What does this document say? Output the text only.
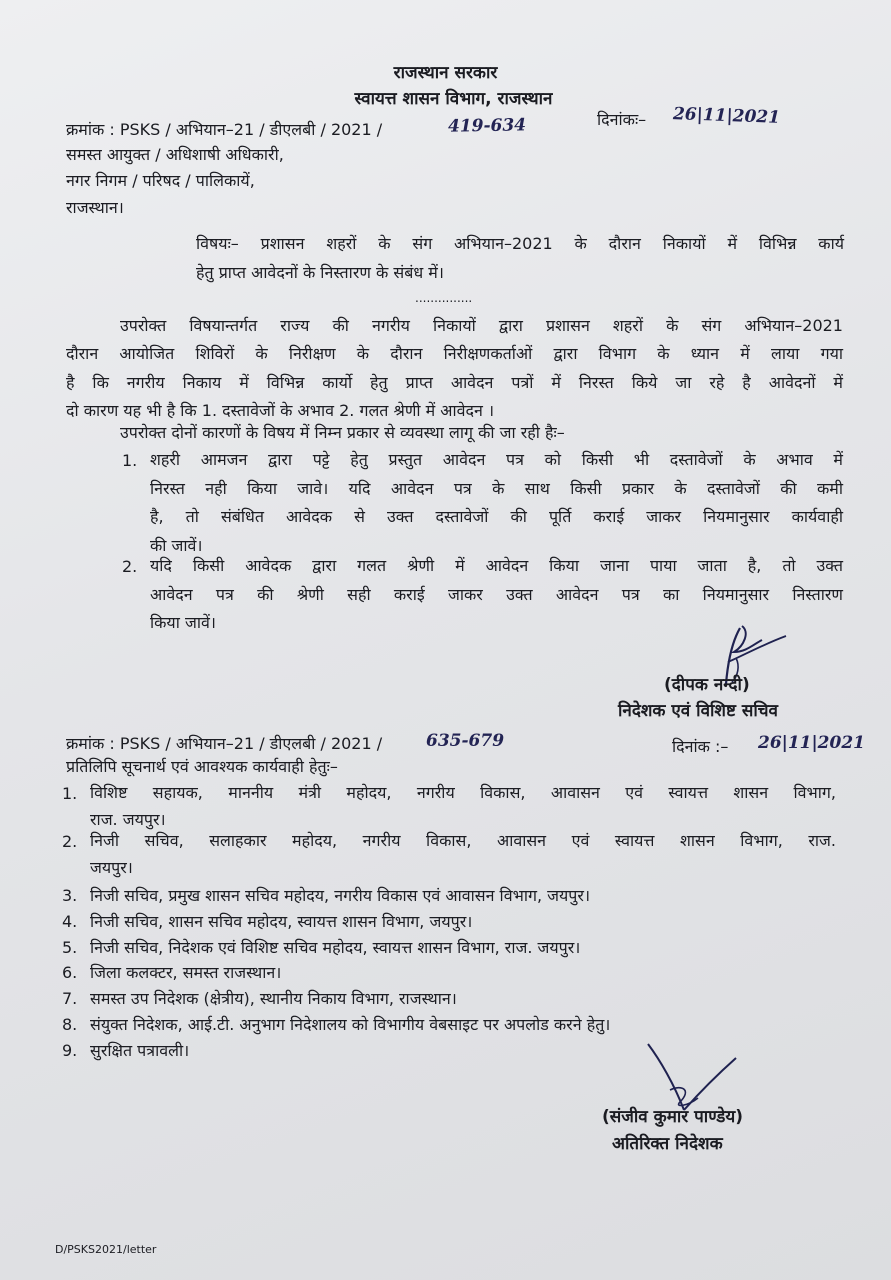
राजस्थान सरकार
स्वायत्त शासन विभाग, राजस्थान
क्रमांक : PSKS / अभियान–21 / डीएलबी / 2021 /	419-634	दिनांकः– 26|11|2021
समस्त आयुक्त / अधिशाषी अधिकारी,
नगर निगम / परिषद / पालिकायें,
राजस्थान।
विषयः– प्रशासन शहरों के संग अभियान–2021 के दौरान निकायों में विभिन्न कार्य
हेतु प्राप्त आवेदनों के निस्तारण के संबंध में।
...............
उपरोक्त विषयान्तर्गत राज्य की नगरीय निकायों द्वारा प्रशासन शहरों के संग अभियान–2021
दौरान आयोजित शिविरों के निरीक्षण के दौरान निरीक्षणकर्ताओं द्वारा विभाग के ध्यान में लाया गया
है कि नगरीय निकाय में विभिन्न कार्यो हेतु प्राप्त आवेदन पत्रों में निरस्त किये जा रहे है आवेदनों में
दो कारण यह भी है कि 1. दस्तावेजों के अभाव 2. गलत श्रेणी में आवेदन ।
उपरोक्त दोनों कारणों के विषय में निम्न प्रकार से व्यवस्था लागू की जा रही हैः–
1. शहरी आमजन द्वारा पट्टे हेतु प्रस्तुत आवेदन पत्र को किसी भी दस्तावेजों के अभाव में
निरस्त नही किया जावे। यदि आवेदन पत्र के साथ किसी प्रकार के दस्तावेजों की कमी
है, तो संबंधित आवेदक से उक्त दस्तावेजों की पूर्ति कराई जाकर नियमानुसार कार्यवाही
की जावें।
2. यदि किसी आवेदक द्वारा गलत श्रेणी में आवेदन किया जाना पाया जाता है, तो उक्त
आवेदन पत्र की श्रेणी सही कराई जाकर उक्त आवेदन पत्र का नियमानुसार निस्तारण
किया जावें।
(दीपक नन्दी)
निदेशक एवं विशिष्ट सचिव
क्रमांक : PSKS / अभियान–21 / डीएलबी / 2021 /	635-679	दिनांक :– 26|11|2021
प्रतिलिपि सूचनार्थ एवं आवश्यक कार्यवाही हेतुः–
1. विशिष्ट सहायक, माननीय मंत्री महोदय, नगरीय विकास, आवासन एवं स्वायत्त शासन विभाग,
राज. जयपुर।
2. निजी सचिव, सलाहकार महोदय, नगरीय विकास, आवासन एवं स्वायत्त शासन विभाग, राज.
जयपुर।
3. निजी सचिव, प्रमुख शासन सचिव महोदय, नगरीय विकास एवं आवासन विभाग, जयपुर।
4. निजी सचिव, शासन सचिव महोदय, स्वायत्त शासन विभाग, जयपुर।
5. निजी सचिव, निदेशक एवं विशिष्ट सचिव महोदय, स्वायत्त शासन विभाग, राज. जयपुर।
6. जिला कलक्टर, समस्त राजस्थान।
7. समस्त उप निदेशक (क्षेत्रीय), स्थानीय निकाय विभाग, राजस्थान।
8. संयुक्त निदेशक, आई.टी. अनुभाग निदेशालय को विभागीय वेबसाइट पर अपलोड करने हेतु।
9. सुरक्षित पत्रावली।
(संजीव कुमार पाण्डेय)
अतिरिक्त निदेशक
D/PSKS2021/letter
